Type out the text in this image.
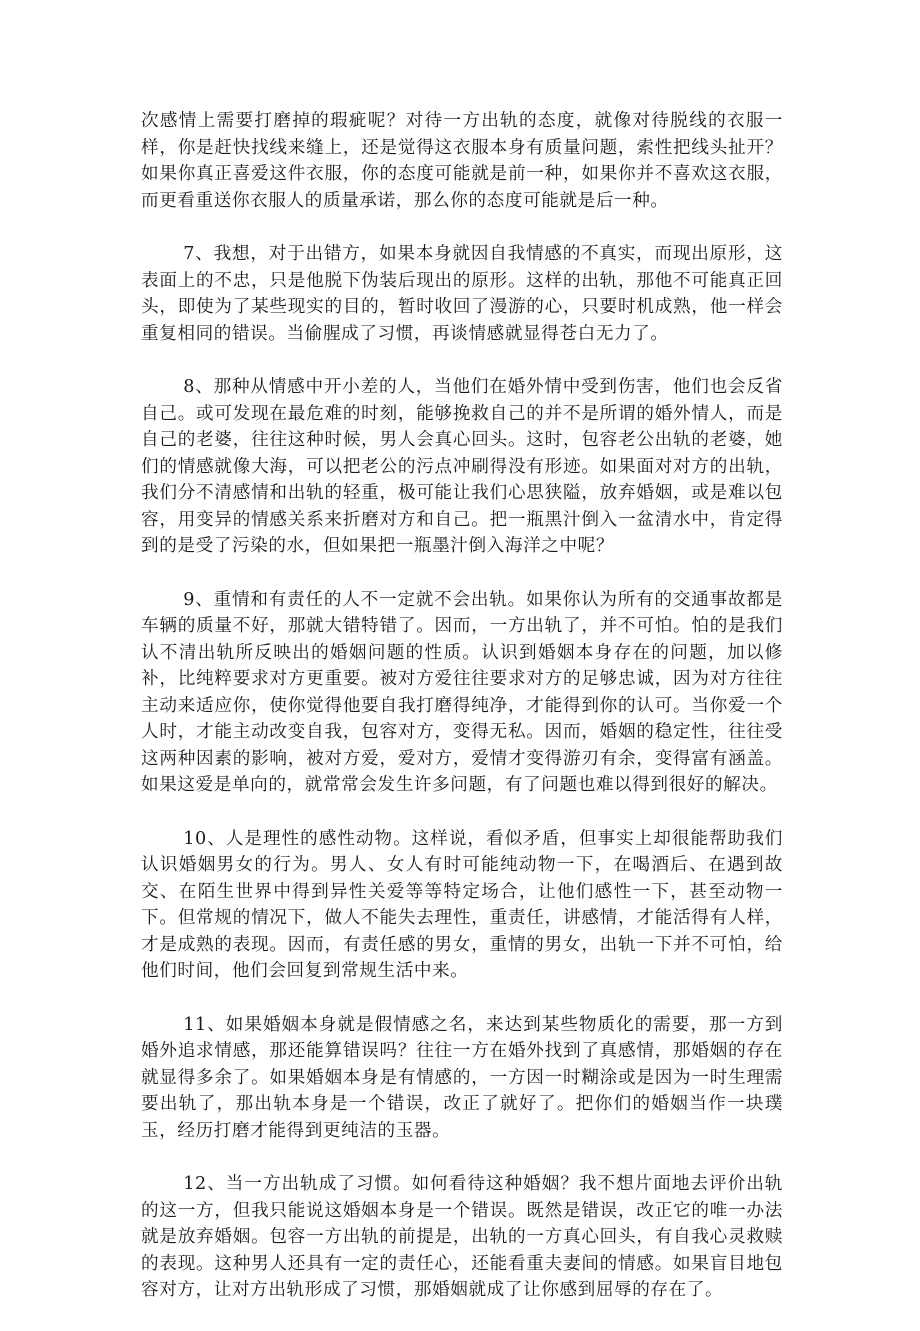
次感情上需要打磨掉的瑕疵呢？对待一方出轨的态度，就像对待脱线的衣服一样，你是赶快找线来缝上，还是觉得这衣服本身有质量问题，索性把线头扯开？如果你真正喜爱这件衣服，你的态度可能就是前一种，如果你并不喜欢这衣服，而更看重送你衣服人的质量承诺，那么你的态度可能就是后一种。

7、我想，对于出错方，如果本身就因自我情感的不真实，而现出原形，这表面上的不忠，只是他脱下伪装后现出的原形。这样的出轨，那他不可能真正回头，即使为了某些现实的目的，暂时收回了漫游的心，只要时机成熟，他一样会重复相同的错误。当偷腥成了习惯，再谈情感就显得苍白无力了。

8、那种从情感中开小差的人，当他们在婚外情中受到伤害，他们也会反省自己。或可发现在最危难的时刻，能够挽救自己的并不是所谓的婚外情人，而是自己的老婆，往往这种时候，男人会真心回头。这时，包容老公出轨的老婆，她们的情感就像大海，可以把老公的污点冲刷得没有形迹。如果面对对方的出轨，我们分不清感情和出轨的轻重，极可能让我们心思狭隘，放弃婚姻，或是难以包容，用变异的情感关系来折磨对方和自己。把一瓶黑汁倒入一盆清水中，肯定得到的是受了污染的水，但如果把一瓶墨汁倒入海洋之中呢？

9、重情和有责任的人不一定就不会出轨。如果你认为所有的交通事故都是车辆的质量不好，那就大错特错了。因而，一方出轨了，并不可怕。怕的是我们认不清出轨所反映出的婚姻问题的性质。认识到婚姻本身存在的问题，加以修补，比纯粹要求对方更重要。被对方爱往往要求对方的足够忠诚，因为对方往往主动来适应你，使你觉得他要自我打磨得纯净，才能得到你的认可。当你爱一个人时，才能主动改变自我，包容对方，变得无私。因而，婚姻的稳定性，往往受这两种因素的影响，被对方爱，爱对方，爱情才变得游刃有余，变得富有涵盖。如果这爱是单向的，就常常会发生许多问题，有了问题也难以得到很好的解决。

10、人是理性的感性动物。这样说，看似矛盾，但事实上却很能帮助我们认识婚姻男女的行为。男人、女人有时可能纯动物一下，在喝酒后、在遇到故交、在陌生世界中得到异性关爱等等特定场合，让他们感性一下，甚至动物一下。但常规的情况下，做人不能失去理性，重责任，讲感情，才能活得有人样，才是成熟的表现。因而，有责任感的男女，重情的男女，出轨一下并不可怕，给他们时间，他们会回复到常规生活中来。

11、如果婚姻本身就是假情感之名，来达到某些物质化的需要，那一方到婚外追求情感，那还能算错误吗？往往一方在婚外找到了真感情，那婚姻的存在就显得多余了。如果婚姻本身是有情感的，一方因一时糊涂或是因为一时生理需要出轨了，那出轨本身是一个错误，改正了就好了。把你们的婚姻当作一块璞玉，经历打磨才能得到更纯洁的玉器。

12、当一方出轨成了习惯。如何看待这种婚姻？我不想片面地去评价出轨的这一方，但我只能说这婚姻本身是一个错误。既然是错误，改正它的唯一办法就是放弃婚姻。包容一方出轨的前提是，出轨的一方真心回头，有自我心灵救赎的表现。这种男人还具有一定的责任心，还能看重夫妻间的情感。如果盲目地包容对方，让对方出轨形成了习惯，那婚姻就成了让你感到屈辱的存在了。
